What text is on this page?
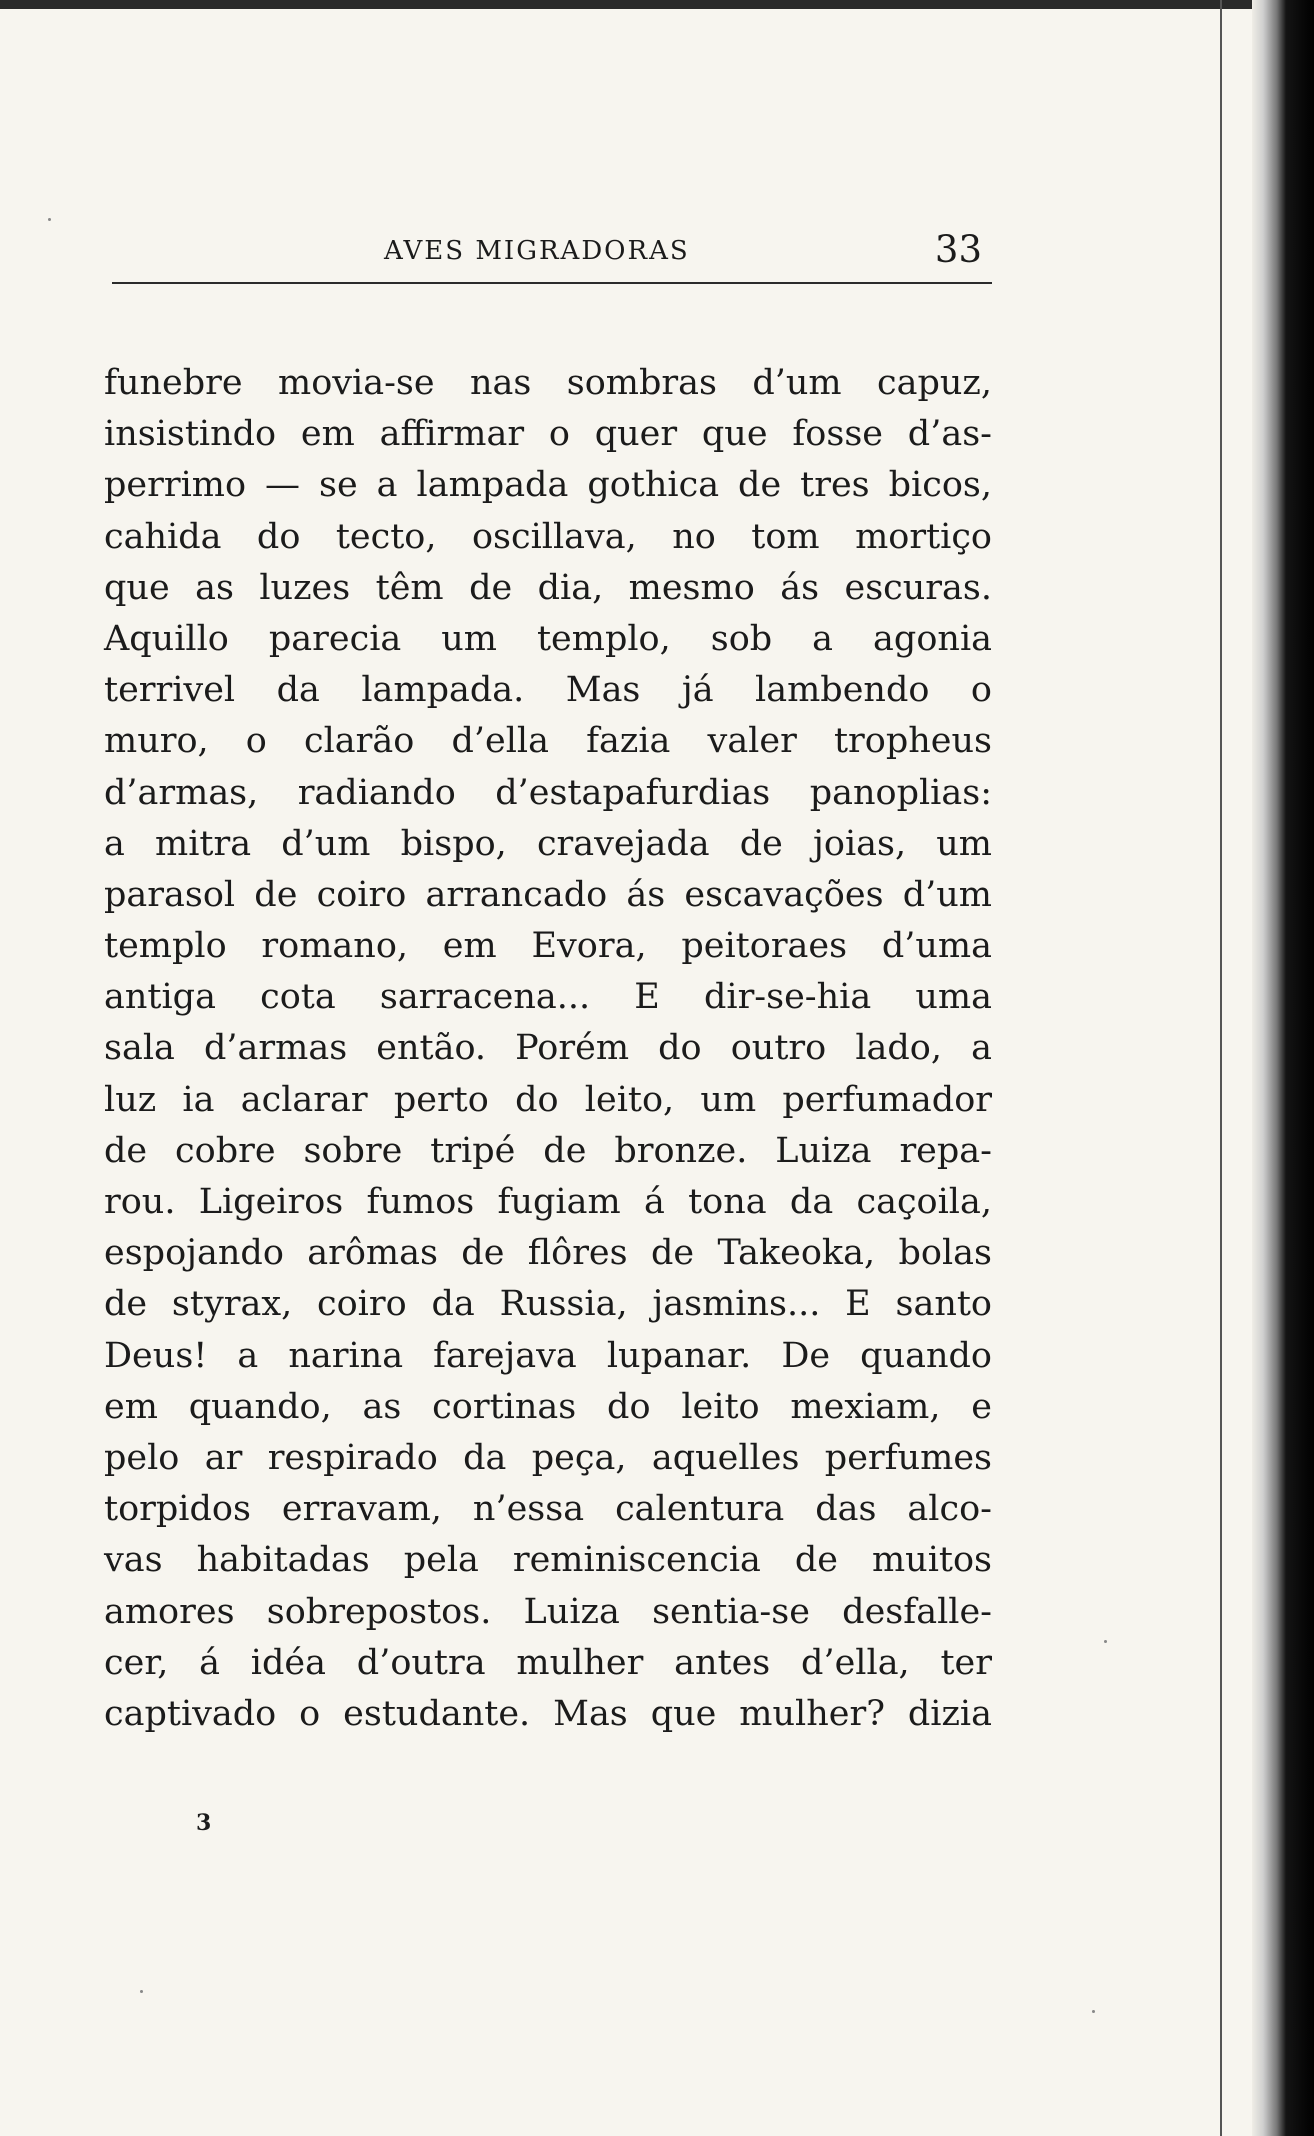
AVES MIGRADORAS	33
funebre movia-se nas sombras d’um capuz,
insistindo em affirmar o quer que fosse d’as-
perrimo — se a lampada gothica de tres bicos,
cahida do tecto, oscillava, no tom mortiço
que as luzes têm de dia, mesmo ás escuras.
Aquillo parecia um templo, sob a agonia
terrivel da lampada. Mas já lambendo o
muro, o clarão d’ella fazia valer tropheus
d’armas, radiando d’estapafurdias panoplias:
a mitra d’um bispo, cravejada de joias, um
parasol de coiro arrancado ás escavações d’um
templo romano, em Evora, peitoraes d’uma
antiga cota sarracena... E dir-se-hia uma
sala d’armas então. Porém do outro lado, a
luz ia aclarar perto do leito, um perfumador
de cobre sobre tripé de bronze. Luiza repa-
rou. Ligeiros fumos fugiam á tona da caçoila,
espojando arômas de flôres de Takeoka, bolas
de styrax, coiro da Russia, jasmins... E santo
Deus! a narina farejava lupanar. De quando
em quando, as cortinas do leito mexiam, e
pelo ar respirado da peça, aquelles perfumes
torpidos erravam, n’essa calentura das alco-
vas habitadas pela reminiscencia de muitos
amores sobrepostos. Luiza sentia-se desfalle-
cer, á idéa d’outra mulher antes d’ella, ter
captivado o estudante. Mas que mulher? dizia
3
